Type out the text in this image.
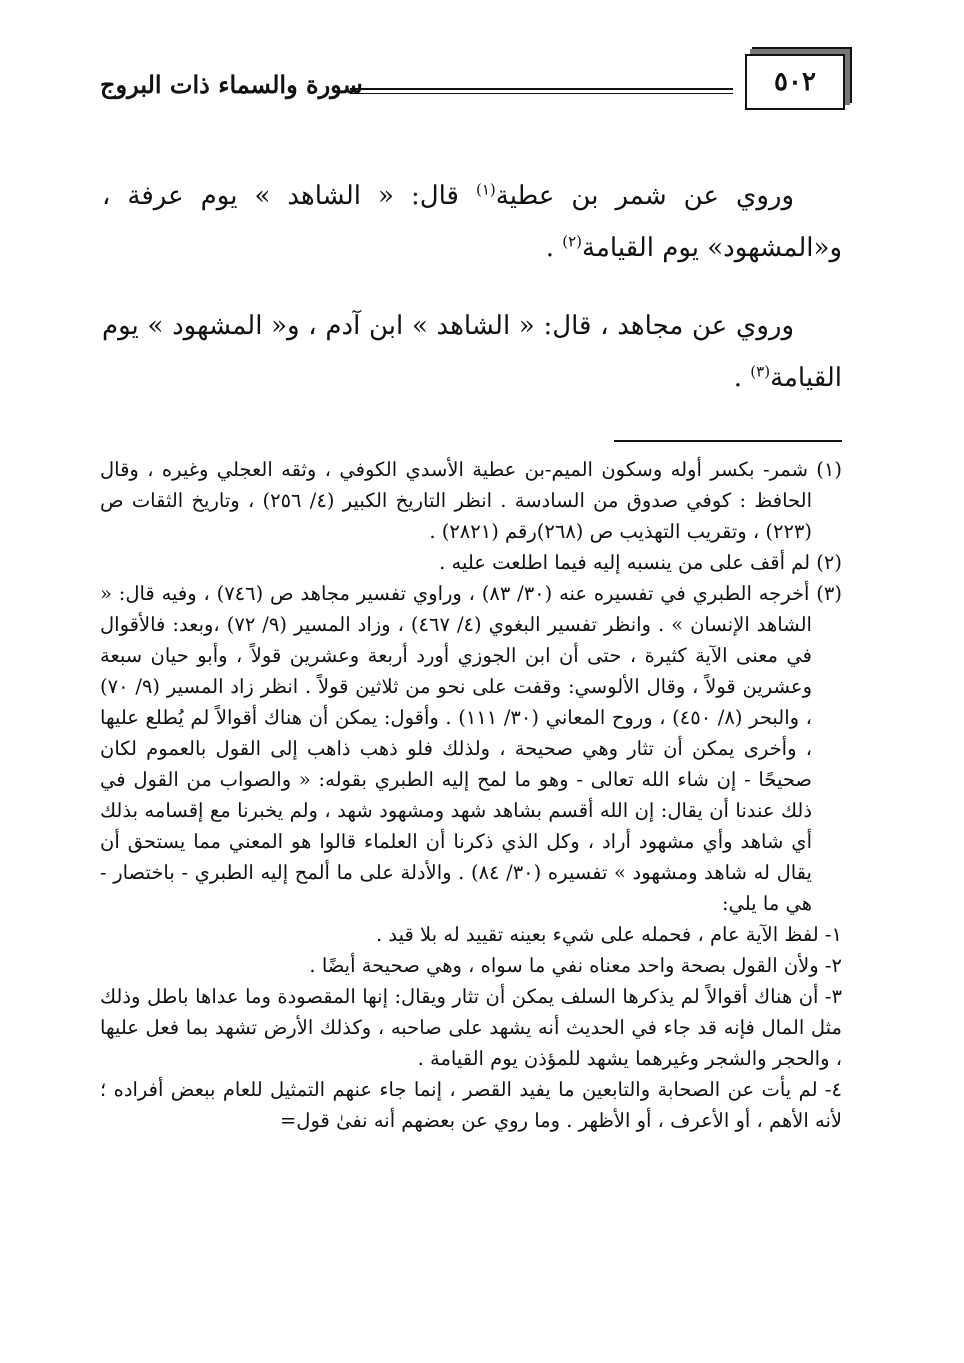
٥٠٢
سورة والسماء ذات البروج

وروي عن شمر بن عطية$^{(١)}$ قال: « الشاهد » يوم عرفة ، و«المشهود» يوم القيامة$^{(٢)}$ .

وروي عن مجاهد ، قال: « الشاهد » ابن آدم ، و« المشهود » يوم القيامة$^{(٣)}$ .

(١) شمر- بكسر أوله وسكون الميم-بن عطية الأسدي الكوفي ، وثقه العجلي وغيره ، وقال الحافظ : كوفي صدوق من السادسة . انظر التاريخ الكبير (٤/ ٢٥٦) ، وتاريخ الثقات ص (٢٢٣) ، وتقريب التهذيب ص (٢٦٨)رقم (٢٨٢١) .

(٢) لم أقف على من ينسبه إليه فيما اطلعت عليه .

(٣) أخرجه الطبري في تفسيره عنه (٣٠/ ٨٣) ، وراوي تفسير مجاهد ص (٧٤٦) ، وفيه قال: « الشاهد الإنسان » . وانظر تفسير البغوي (٤/ ٤٦٧) ، وزاد المسير (٩/ ٧٢) ،وبعد: فالأقوال في معنى الآية كثيرة ، حتى أن ابن الجوزي أورد أربعة وعشرين قولاً ، وأبو حيان سبعة وعشرين قولاً ، وقال الألوسي: وقفت على نحو من ثلاثين قولاً . انظر زاد المسير (٩/ ٧٠) ، والبحر (٨/ ٤٥٠) ، وروح المعاني (٣٠/ ١١١) . وأقول: يمكن أن هناك أقوالاً لم يُطلع عليها ، وأخرى يمكن أن تثار وهي صحيحة ، ولذلك فلو ذهب ذاهب إلى القول بالعموم لكان صحيحًا - إن شاء الله تعالى - وهو ما لمح إليه الطبري بقوله: « والصواب من القول في ذلك عندنا أن يقال: إن الله أقسم بشاهد شهد ومشهود شهد ، ولم يخبرنا مع إقسامه بذلك أي شاهد وأي مشهود أراد ، وكل الذي ذكرنا أن العلماء قالوا هو المعني مما يستحق أن يقال له شاهد ومشهود » تفسيره (٣٠/ ٨٤) . والأدلة على ما ألمح إليه الطبري - باختصار - هي ما يلي:

١- لفظ الآية عام ، فحمله على شيء بعينه تقييد له بلا قيد .

٢- ولأن القول بصحة واحد معناه نفي ما سواه ، وهي صحيحة أيضًا .

٣- أن هناك أقوالاً لم يذكرها السلف يمكن أن تثار ويقال: إنها المقصودة وما عداها باطل وذلك مثل المال فإنه قد جاء في الحديث أنه يشهد على صاحبه ، وكذلك الأرض تشهد بما فعل عليها ، والحجر والشجر وغيرهما يشهد للمؤذن يوم القيامة .

٤- لم يأت عن الصحابة والتابعين ما يفيد القصر ، إنما جاء عنهم التمثيل للعام ببعض أفراده ؛ لأنه الأهم ، أو الأعرف ، أو الأظهر . وما روي عن بعضهم أنه نفىٰ قول=
